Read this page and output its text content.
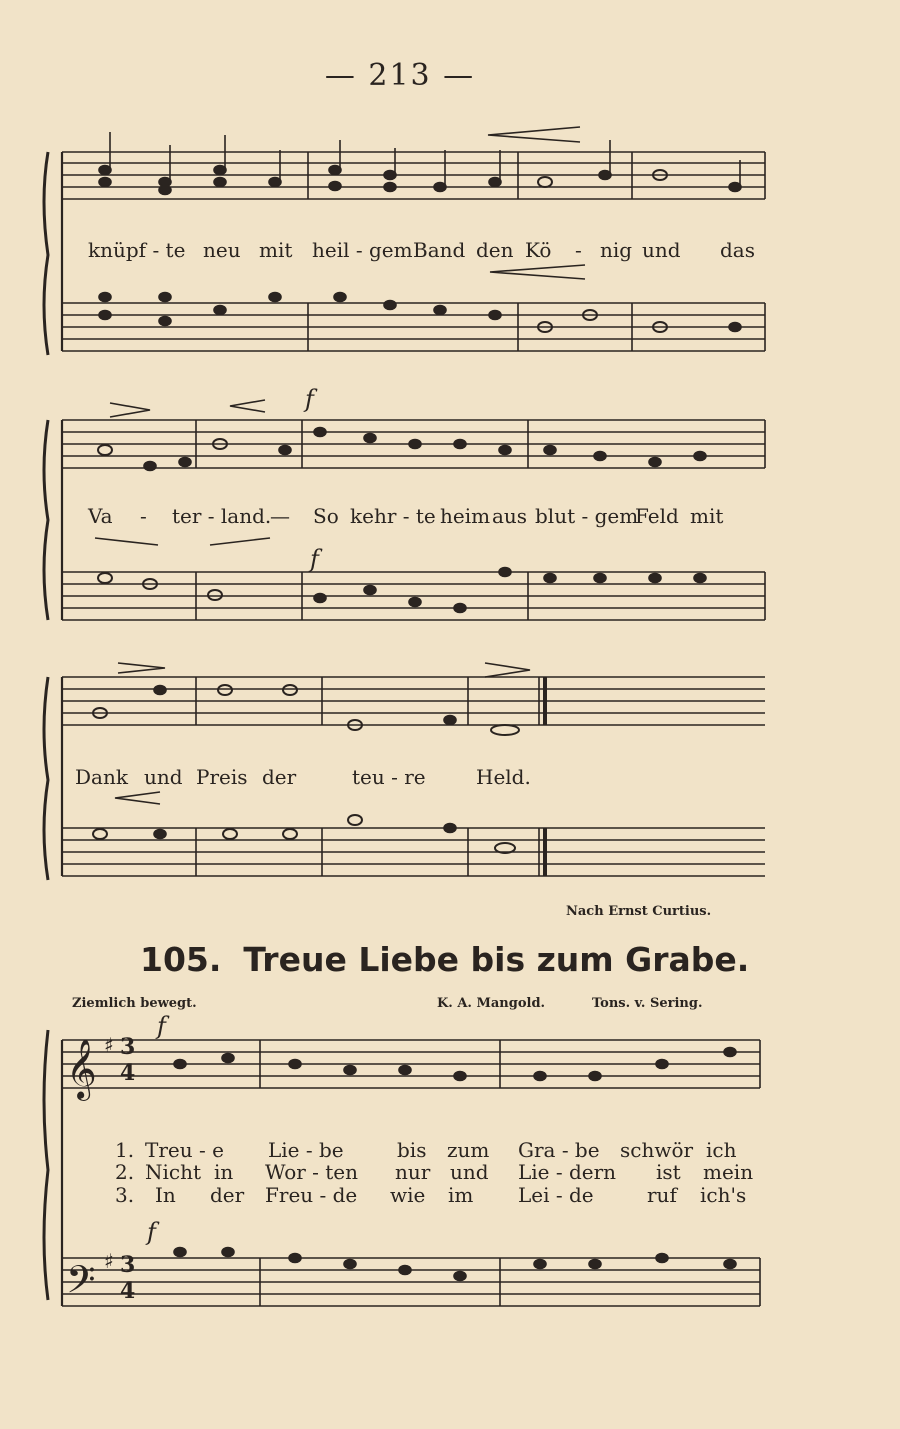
— 213 —
𝄞
𝄢
♯
♯
3
4
3
4
knüpf - te neu mit heil - gem Band den Kö - nig und das
f
f
Va - ter - land.
— So kehr - te heim aus blut - gem
Feld mit
Dank und Preis der	teu - re	Held.
Nach Ernst Curtius.
105. Treue Liebe bis zum Grabe.
Ziemlich bewegt.	K. A. Mangold.	Tons. v. Sering.
f
f
1. Treu - e Lie - be	bis zum Gra - be schwör ich
2. Nicht in Wor - ten nur und Lie - dern ist mein
3. In der Freu - de wie im Lei - de	ruf ich's
